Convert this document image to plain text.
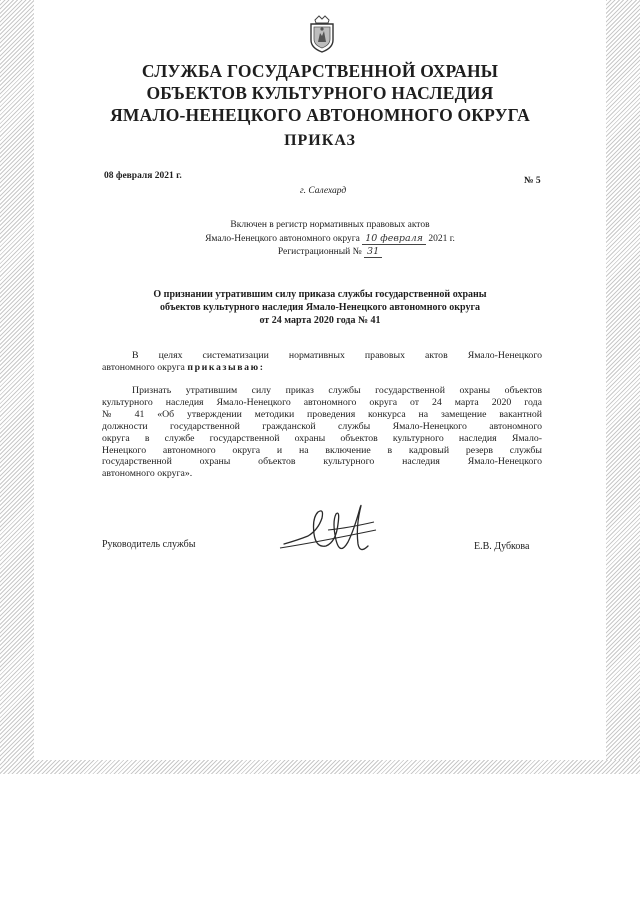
СЛУЖБА ГОСУДАРСТВЕННОЙ ОХРАНЫ
ОБЪЕКТОВ КУЛЬТУРНОГО НАСЛЕДИЯ
ЯМАЛО-НЕНЕЦКОГО АВТОНОМНОГО ОКРУГА
ПРИКАЗ
08 февраля 2021 г.	№ 5
г. Салехард
Включен в регистр нормативных правовых актов
Ямало-Ненецкого автономного округа 10 февраля 2021 г.
Регистрационный № 31
О признании утратившим силу приказа службы государственной охраны
объектов культурного наследия Ямало-Ненецкого автономного округа
от 24 марта 2020 года № 41
В целях систематизации нормативных правовых актов Ямало-Ненецкого
автономного округа приказываю:
Признать утратившим силу приказ службы государственной охраны объектов
культурного наследия Ямало-Ненецкого автономного округа от 24 марта 2020 года
№ 41 «Об утверждении методики проведения конкурса на замещение вакантной
должности государственной гражданской службы Ямало-Ненецкого автономного
округа в службе государственной охраны объектов культурного наследия Ямало-
Ненецкого автономного округа и на включение в кадровый резерв службы
государственной охраны объектов культурного наследия Ямало-Ненецкого
автономного округа».
Руководитель службы	Е.В. Дубкова
